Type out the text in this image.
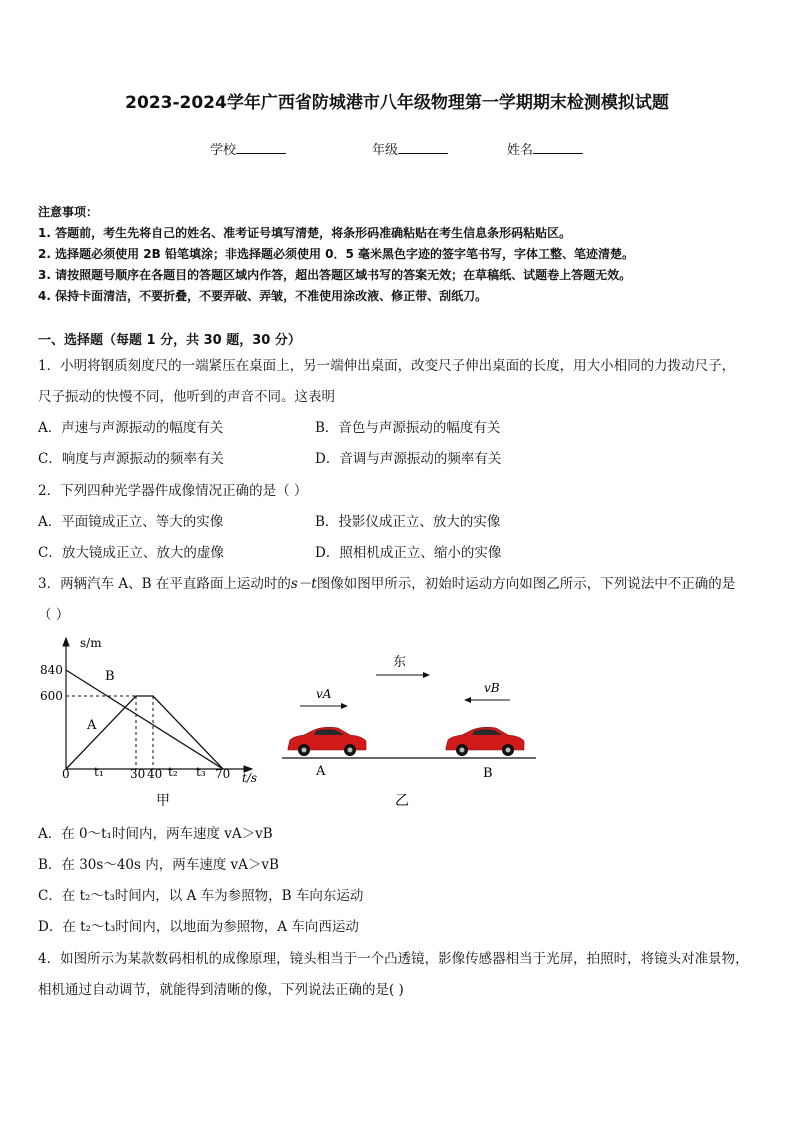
2023-2024学年广西省防城港市八年级物理第一学期期末检测模拟试题
学校	年级	姓名
注意事项：
1. 答题前，考生先将自己的姓名、准考证号填写清楚，将条形码准确粘贴在考生信息条形码粘贴区。
2. 选择题必须使用 2B 铅笔填涂；非选择题必须使用 0．5 毫米黑色字迹的签字笔书写，字体工整、笔迹清楚。
3. 请按照题号顺序在各题目的答题区域内作答，超出答题区域书写的答案无效；在草稿纸、试题卷上答题无效。
4. 保持卡面清洁，不要折叠，不要弄破、弄皱，不准使用涂改液、修正带、刮纸刀。
一、选择题（每题 1 分，共 30 题，30 分）
1．小明将钢质刻度尺的一端紧压在桌面上，另一端伸出桌面，改变尺子伸出桌面的长度，用大小相同的力拨动尺子，
尺子振动的快慢不同，他听到的声音不同。这表明
A．声速与声源振动的幅度有关	B．音色与声源振动的幅度有关
C．响度与声源振动的频率有关	D．音调与声源振动的频率有关
2．下列四种光学器件成像情况正确的是（ ）
A．平面镜成正立、等大的实像	B．投影仪成正立、放大的实像
C．放大镜成正立、放大的虚像	D．照相机成正立、缩小的实像
3．两辆汽车 A、B 在平直路面上运动时的s－t图像如图甲所示，初始时运动方向如图乙所示，下列说法中不正确的是
（ ）
s/m
840
600
0 t₁ 30 40 t₂ t₃ 70 t/s
A
B
甲
东
vA	vB
A	B
乙
A．在 0～t₁时间内，两车速度 vA＞vB
B．在 30s～40s 内，两车速度 vA＞vB
C．在 t₂～t₃时间内，以 A 车为参照物，B 车向东运动
D．在 t₂～t₃时间内，以地面为参照物，A 车向西运动
4．如图所示为某款数码相机的成像原理，镜头相当于一个凸透镜，影像传感器相当于光屏，拍照时，将镜头对准景物，
相机通过自动调节，就能得到清晰的像，下列说法正确的是( )
